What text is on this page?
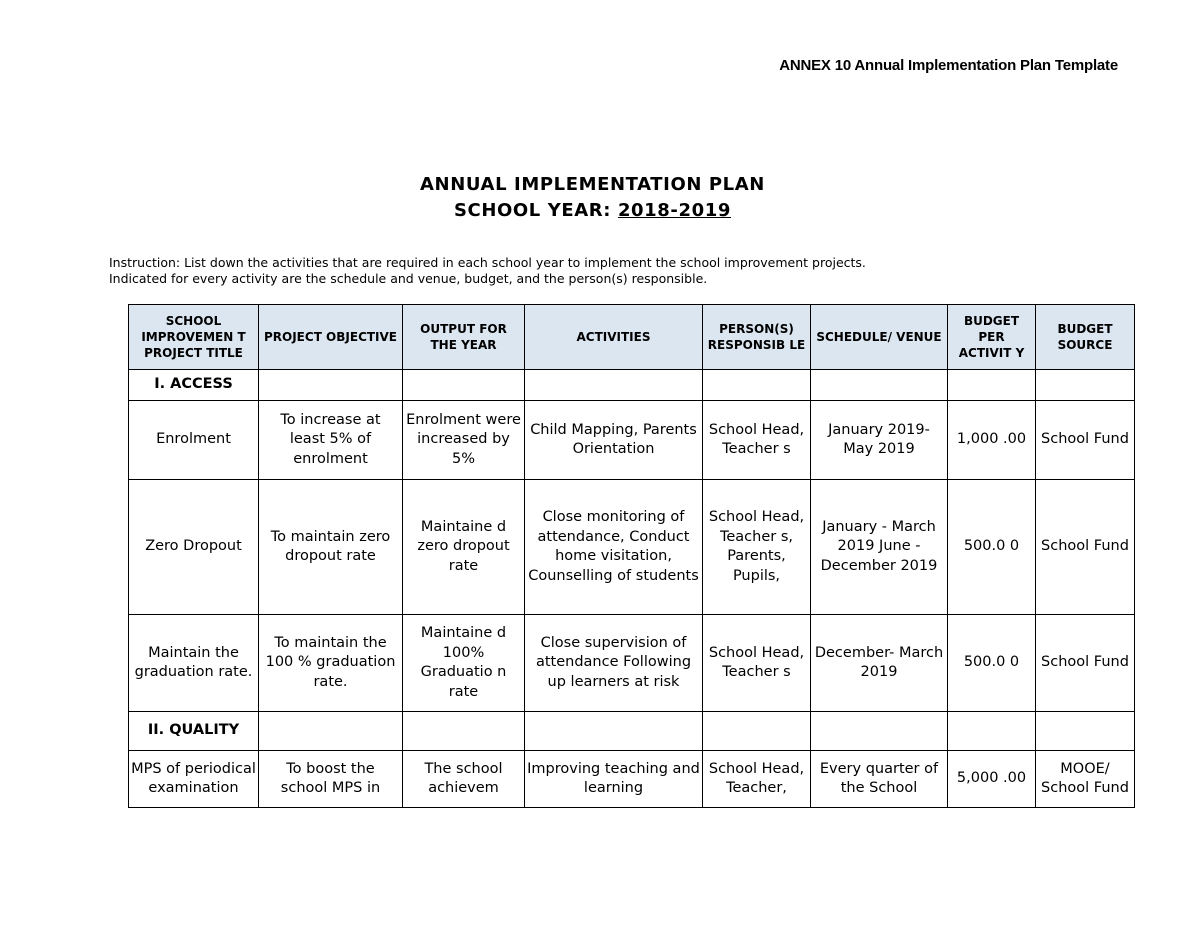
ANNEX 10 Annual Implementation Plan Template
ANNUAL IMPLEMENTATION PLAN
SCHOOL YEAR: 2018-2019
Instruction: List down the activities that are required in each school year to implement the school improvement projects.
Indicated for every activity are the schedule and venue, budget, and the person(s) responsible.
SCHOOL IMPROVEMEN T PROJECT TITLE	PROJECT OBJECTIVE	OUTPUT FOR THE YEAR	ACTIVITIES	PERSON(S) RESPONSIB LE	SCHEDULE/ VENUE	BUDGET PER ACTIVIT Y	BUDGET SOURCE
I. ACCESS							
Enrolment	To increase at least 5% of enrolment	Enrolment were increased by 5%	Child Mapping, Parents Orientation	School Head, Teacher s	January 2019- May 2019	1,000 .00	School Fund
Zero Dropout	To maintain zero dropout rate	Maintaine d zero dropout rate	Close monitoring of attendance, Conduct home visitation, Counselling of students	School Head, Teacher s, Parents, Pupils,	January - March 2019 June -December 2019	500.0 0	School Fund
Maintain the graduation rate.	To maintain the 100 % graduation rate.	Maintaine d 100% Graduatio n rate	Close supervision of attendance Following up learners at risk	School Head, Teacher s	December- March 2019	500.0 0	School Fund
II. QUALITY							
MPS of periodical examination	To boost the school MPS in	The school achievem	Improving teaching and learning	School Head, Teacher,	Every quarter of the School	5,000 .00	MOOE/ School Fund
